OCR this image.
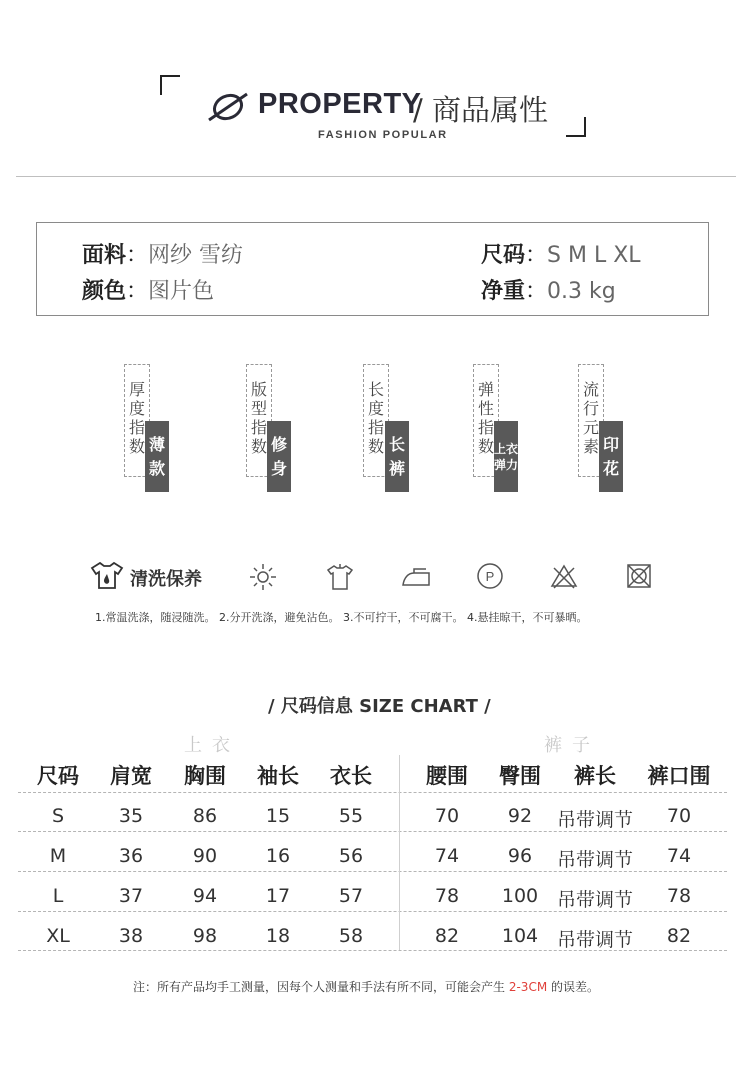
PROPERTY
/ 商品属性
FASHION POPULAR
面料：网纱 雪纺
颜色：图片色
尺码：S M L XL
净重：0.3 kg
厚度指数 薄款
版型指数 修身
长度指数 长裤
弹性指数 上衣弹力
流行元素 印花
清洗保养	P
1.常温洗涤，随浸随洗。 2.分开洗涤，避免沾色。 3.不可拧干，不可腐干。 4.悬挂晾干，不可暴晒。
/ 尺码信息 SIZE CHART /
上衣	裤子
尺码 肩宽 胸围 袖长 衣长	腰围 臀围 裤长 裤口围
S	35	86	15	55	70	92 吊带调节 70
M	36	90	16	56	74	96 吊带调节 74
L	37	94	17	57	78 100 吊带调节 78
XL	38	98	18	58	82 104 吊带调节 82
注：所有产品均手工测量，因每个人测量和手法有所不同，可能会产生 2-3CM 的误差。
